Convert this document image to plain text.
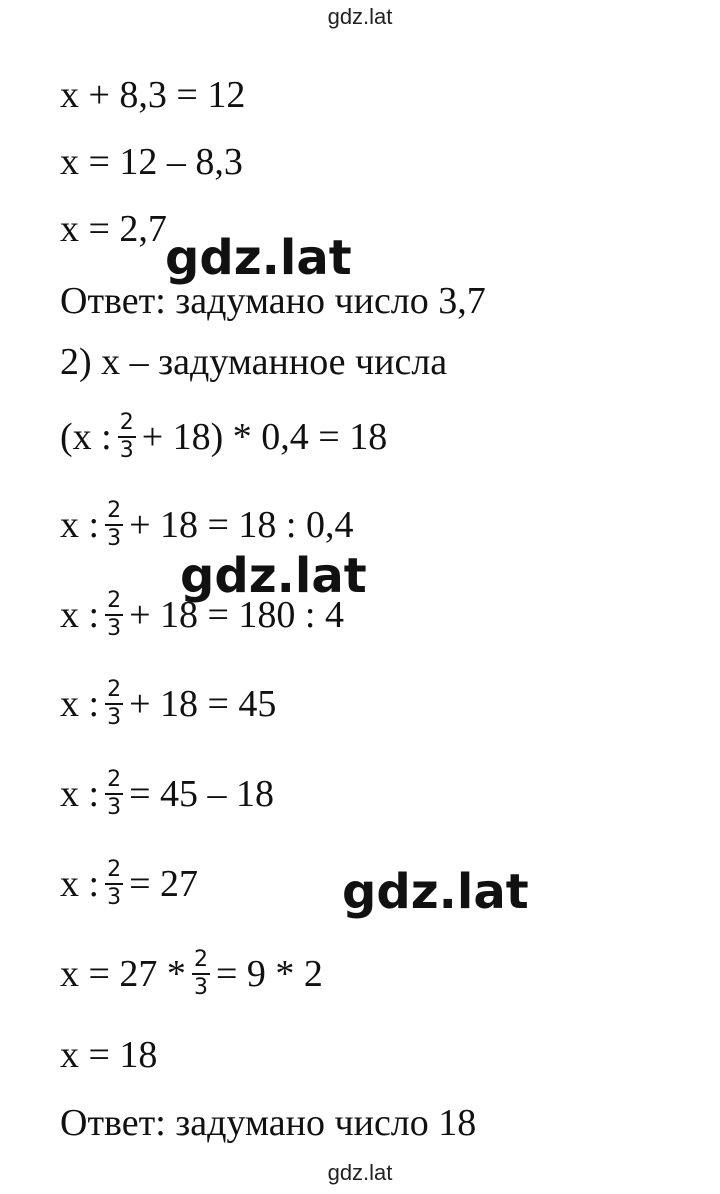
gdz.lat
x + 8,3 = 12
x = 12 – 8,3
x = 2,7
Ответ: задумано число 3,7
2) x – задуманное числа
(x : $\frac{2}{3} + 18) * 0,4 = 18$
x : $\frac{2}{3} + 18 = 18$ : 0,4
x : $\frac{2}{3} + 18 = 180$ : 4
x : $\frac{2}{3} + 18 = 45$
x : $\frac{2}{3} = 45 - 18$
x : $\frac{2}{3} = 27$
$x = 27 * \frac{2}{3} = 9 * 2$
x = 18
Ответ: задумано число 18
gdz.lat
gdz.lat
gdz.lat
gdz.lat
